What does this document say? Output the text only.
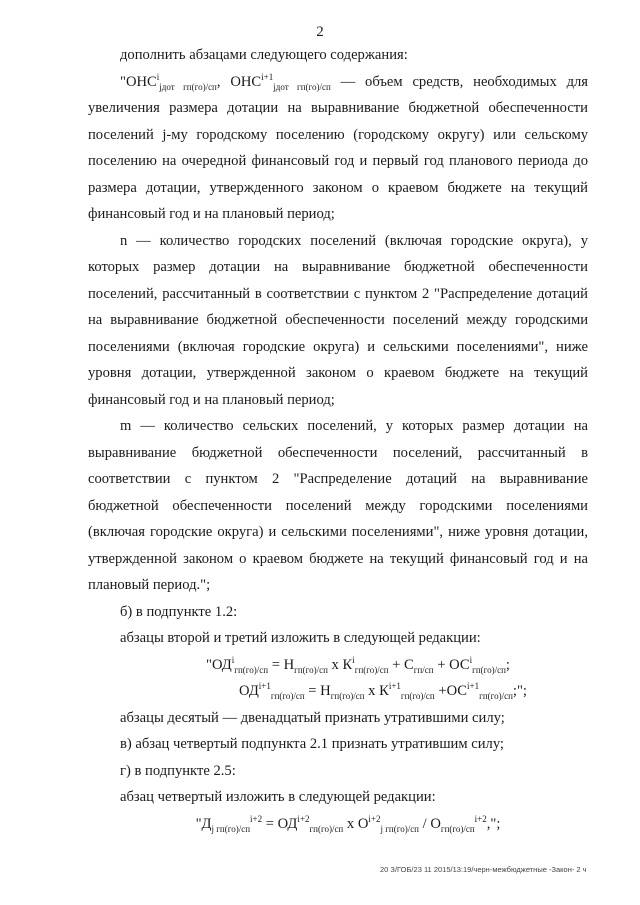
2

дополнить абзацами следующего содержания:

"$ОНС^i_{jдот гп(го)/сп}$, $ОНС^{i+1}_{jдот гп(го)/сп}$ — объем средств, необходимых для увеличения размера дотации на выравнивание бюджетной обеспеченности поселений j-му городскому поселению (городскому округу) или сельскому поселению на очередной финансовый год и первый год планового периода до размера дотации, утвержденного законом о краевом бюджете на текущий финансовый год и на плановый период;

n — количество городских поселений (включая городские округа), у которых размер дотации на выравнивание бюджетной обеспеченности поселений, рассчитанный в соответствии с пунктом 2 "Распределение дотаций на выравнивание бюджетной обеспеченности поселений между городскими поселениями (включая городские округа) и сельскими поселениями", ниже уровня дотации, утвержденной законом о краевом бюджете на текущий финансовый год и на плановый период;

m — количество сельских поселений, у которых размер дотации на выравнивание бюджетной обеспеченности поселений, рассчитанный в соответствии с пунктом 2 "Распределение дотаций на выравнивание бюджетной обеспеченности поселений между городскими поселениями (включая городские округа) и сельскими поселениями", ниже уровня дотации, утвержденной законом о краевом бюджете на текущий финансовый год и на плановый период.";

б) в подпункте 1.2:

абзацы второй и третий изложить в следующей редакции:

"$ОД^i_{гп(го)/сп} = Н_{гп(го)/сп}$ х $К^i_{гп(го)/сп} + С_{гп/сп} + ОС^i_{гп(го)/сп}$;

$ОД^{i+1}_{гп(го)/сп} = Н_{гп(го)/сп}$ х $К^{i+1}_{гп(го)/сп} +ОС^{i+1}_{гп(го)/сп}$;";

абзацы десятый — двенадцатый признать утратившими силу;

в) абзац четвертый подпункта 2.1 признать утратившим силу;

г) в подпункте 2.5:

абзац четвертый изложить в следующей редакции:

"$Д_{j гп(го)/сп}^{i+2} = ОД^{i+2}_{гп(го)/сп}$ х $О^{i+2}_{j гп(го)/сп} / О_{гп(го)/сп}^{i+2}$,";

20 З/ГОБ/23 11 2015/13:19/черн-межбюджетные -Закон- 2 ч
